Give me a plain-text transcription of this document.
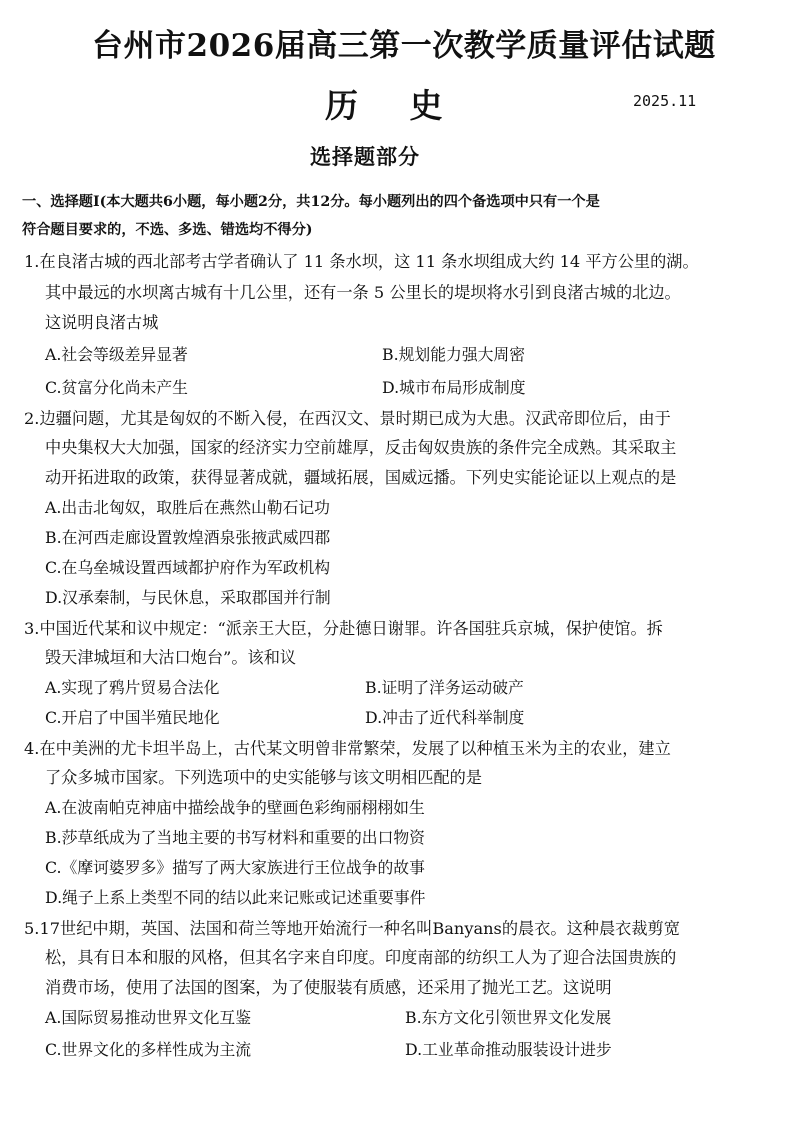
台州市2026届高三第一次教学质量评估试题
历 史	2025.11
选择题部分
一、选择题Ⅰ(本大题共6小题，每小题2分，共12分。每小题列出的四个备选项中只有一个是
符合题目要求的，不选、多选、错选均不得分)
1.在良渚古城的西北部考古学者确认了 11 条水坝，这 11 条水坝组成大约 14 平方公里的湖。
其中最远的水坝离古城有十几公里，还有一条 5 公里长的堤坝将水引到良渚古城的北边。
这说明良渚古城
A.社会等级差异显著	B.规划能力强大周密
C.贫富分化尚未产生	D.城市布局形成制度
2.边疆问题，尤其是匈奴的不断入侵，在西汉文、景时期已成为大患。汉武帝即位后，由于
中央集权大大加强，国家的经济实力空前雄厚，反击匈奴贵族的条件完全成熟。其采取主
动开拓进取的政策，获得显著成就，疆域拓展，国威远播。下列史实能论证以上观点的是
A.出击北匈奴，取胜后在燕然山勒石记功
B.在河西走廊设置敦煌酒泉张掖武威四郡
C.在乌垒城设置西域都护府作为军政机构
D.汉承秦制，与民休息，采取郡国并行制
3.中国近代某和议中规定：“派亲王大臣，分赴德日谢罪。许各国驻兵京城，保护使馆。拆
毁天津城垣和大沽口炮台”。该和议
A.实现了鸦片贸易合法化	B.证明了洋务运动破产
C.开启了中国半殖民地化	D.冲击了近代科举制度
4.在中美洲的尤卡坦半岛上，古代某文明曾非常繁荣，发展了以种植玉米为主的农业，建立
了众多城市国家。下列选项中的史实能够与该文明相匹配的是
A.在波南帕克神庙中描绘战争的壁画色彩绚丽栩栩如生
B.莎草纸成为了当地主要的书写材料和重要的出口物资
C.《摩诃婆罗多》描写了两大家族进行王位战争的故事
D.绳子上系上类型不同的结以此来记账或记述重要事件
5.17世纪中期，英国、法国和荷兰等地开始流行一种名叫Banyans的晨衣。这种晨衣裁剪宽
松，具有日本和服的风格，但其名字来自印度。印度南部的纺织工人为了迎合法国贵族的
消费市场，使用了法国的图案，为了使服装有质感，还采用了抛光工艺。这说明
A.国际贸易推动世界文化互鉴	B.东方文化引领世界文化发展
C.世界文化的多样性成为主流	D.工业革命推动服装设计进步
